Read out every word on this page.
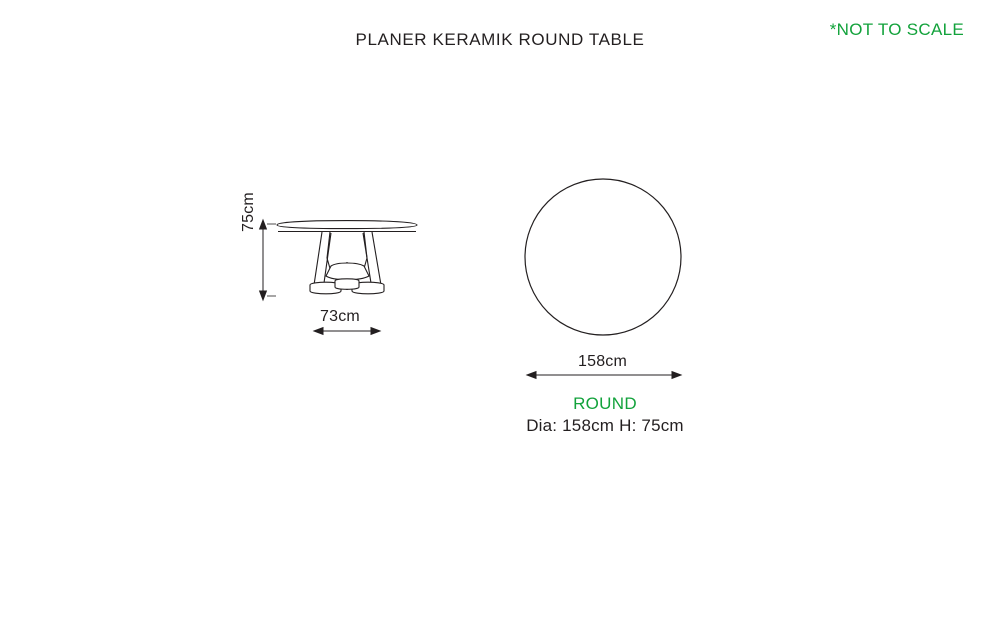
PLANER KERAMIK ROUND TABLE
*NOT TO SCALE
75cm
73cm
158cm
ROUND
Dia: 158cm H: 75cm
